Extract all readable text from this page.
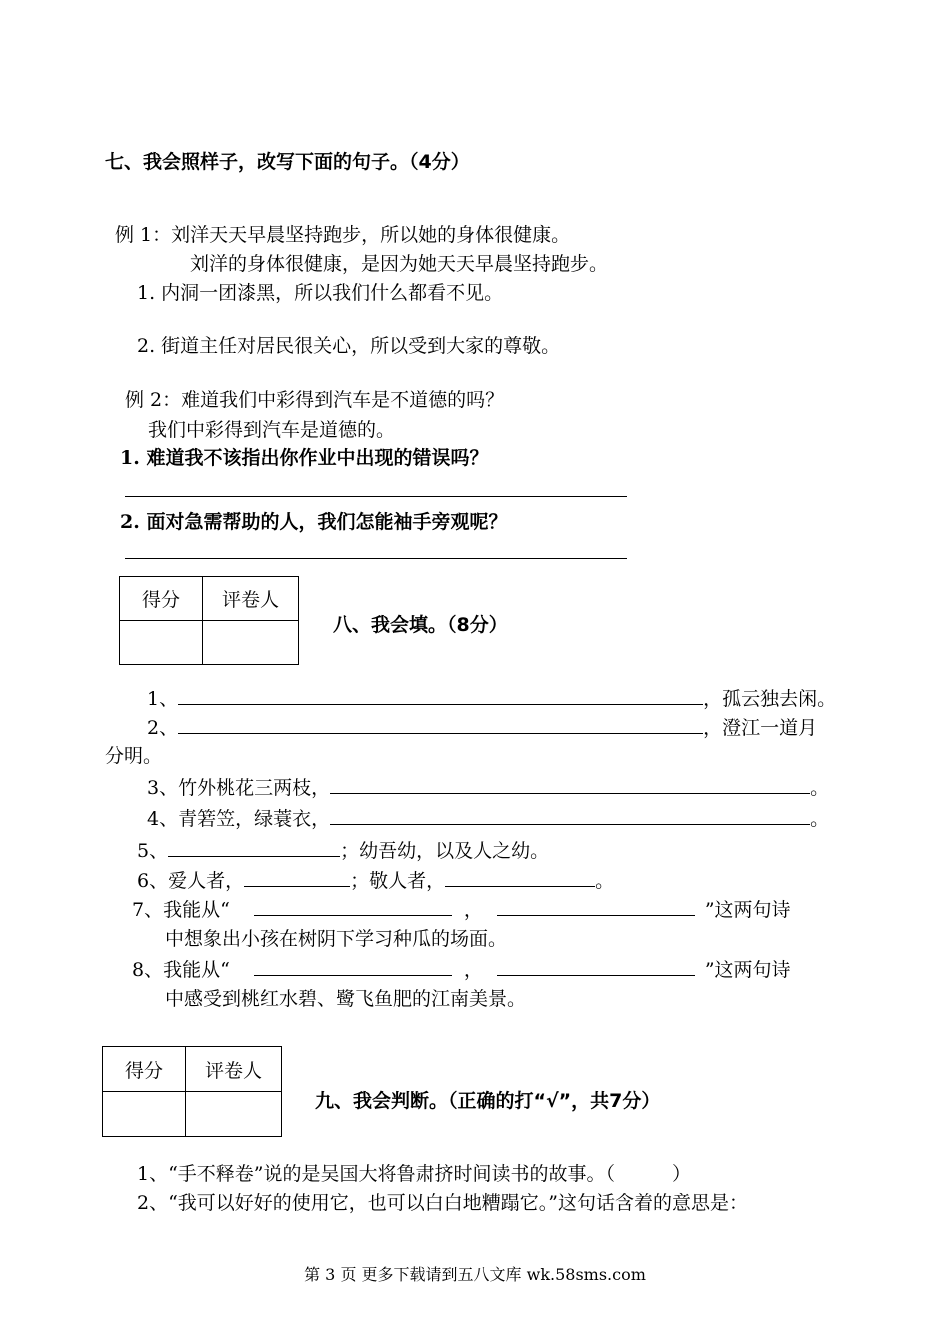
七、我会照样子，改写下面的句子。（4分）
例 1：刘洋天天早晨坚持跑步，所以她的身体很健康。
刘洋的身体很健康，是因为她天天早晨坚持跑步。
1. 内洞一团漆黑，所以我们什么都看不见。
2. 街道主任对居民很关心，所以受到大家的尊敬。
例 2：难道我们中彩得到汽车是不道德的吗？
我们中彩得到汽车是道德的。
1. 难道我不该指出你作业中出现的错误吗？
2. 面对急需帮助的人，我们怎能袖手旁观呢？
得分	评卷人

八、我会填。（8分）
1、	，孤云独去闲。
2、	，澄江一道月
分明。
3、竹外桃花三两枝，	。
4、青箬笠，绿蓑衣，	。
5、	；幼吾幼，以及人之幼。
6、爱人者，	；敬人者，	。
7、我能从“	，	”这两句诗
中想象出小孩在树阴下学习种瓜的场面。
8、我能从“	，	”这两句诗
中感受到桃红水碧、鹭飞鱼肥的江南美景。
得分	评卷人

九、我会判断。（正确的打“√”，共7分）
1、“手不释卷”说的是吴国大将鲁肃挤时间读书的故事。（　　　）
2、“我可以好好的使用它，也可以白白地糟蹋它。”这句话含着的意思是：
第 3 页 更多下载请到五八文库 wk.58sms.com
